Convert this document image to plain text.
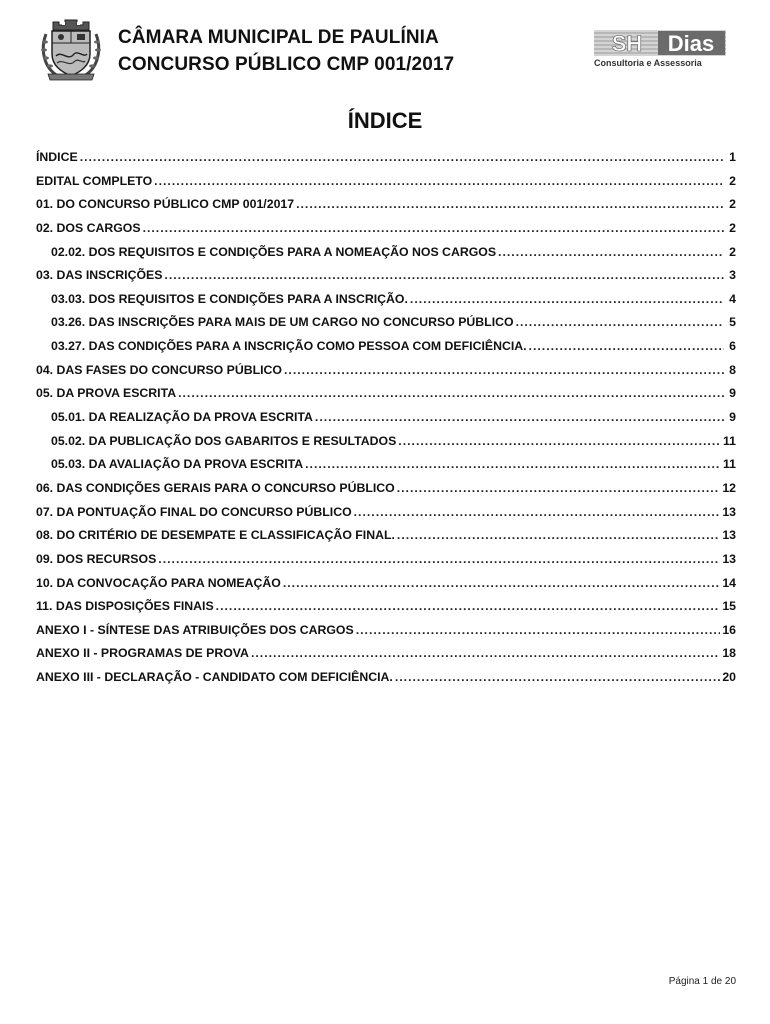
CÂMARA MUNICIPAL DE PAULÍNIA
CONCURSO PÚBLICO CMP 001/2017
SH Dias
Consultoria e Assessoria
ÍNDICE
ÍNDICE .....	1
EDITAL COMPLETO .....	2
01. DO CONCURSO PÚBLICO CMP 001/2017 .....	2
02. DOS CARGOS .....	2
02.02. DOS REQUISITOS E CONDIÇÕES PARA A NOMEAÇÃO NOS CARGOS .....	2
03. DAS INSCRIÇÕES .....	3
03.03. DOS REQUISITOS E CONDIÇÕES PARA A INSCRIÇÃO. .....	4
03.26. DAS INSCRIÇÕES PARA MAIS DE UM CARGO NO CONCURSO PÚBLICO .....	5
03.27. DAS CONDIÇÕES PARA A INSCRIÇÃO COMO PESSOA COM DEFICIÊNCIA. .....	6
04. DAS FASES DO CONCURSO PÚBLICO .....	8
05. DA PROVA ESCRITA .....	9
05.01. DA REALIZAÇÃO DA PROVA ESCRITA .....	9
05.02. DA PUBLICAÇÃO DOS GABARITOS E RESULTADOS .....	11
05.03. DA AVALIAÇÃO DA PROVA ESCRITA .....	11
06. DAS CONDIÇÕES GERAIS PARA O CONCURSO PÚBLICO .....	12
07. DA PONTUAÇÃO FINAL DO CONCURSO PÚBLICO .....	13
08. DO CRITÉRIO DE DESEMPATE E CLASSIFICAÇÃO FINAL. .....	13
09. DOS RECURSOS .....	13
10. DA CONVOCAÇÃO PARA NOMEAÇÃO .....	14
11. DAS DISPOSIÇÕES FINAIS .....	15
ANEXO I - SÍNTESE DAS ATRIBUIÇÕES DOS CARGOS .....	16
ANEXO II - PROGRAMAS DE PROVA .....	18
ANEXO III - DECLARAÇÃO - CANDIDATO COM DEFICIÊNCIA. .....	20
Página 1 de 20
